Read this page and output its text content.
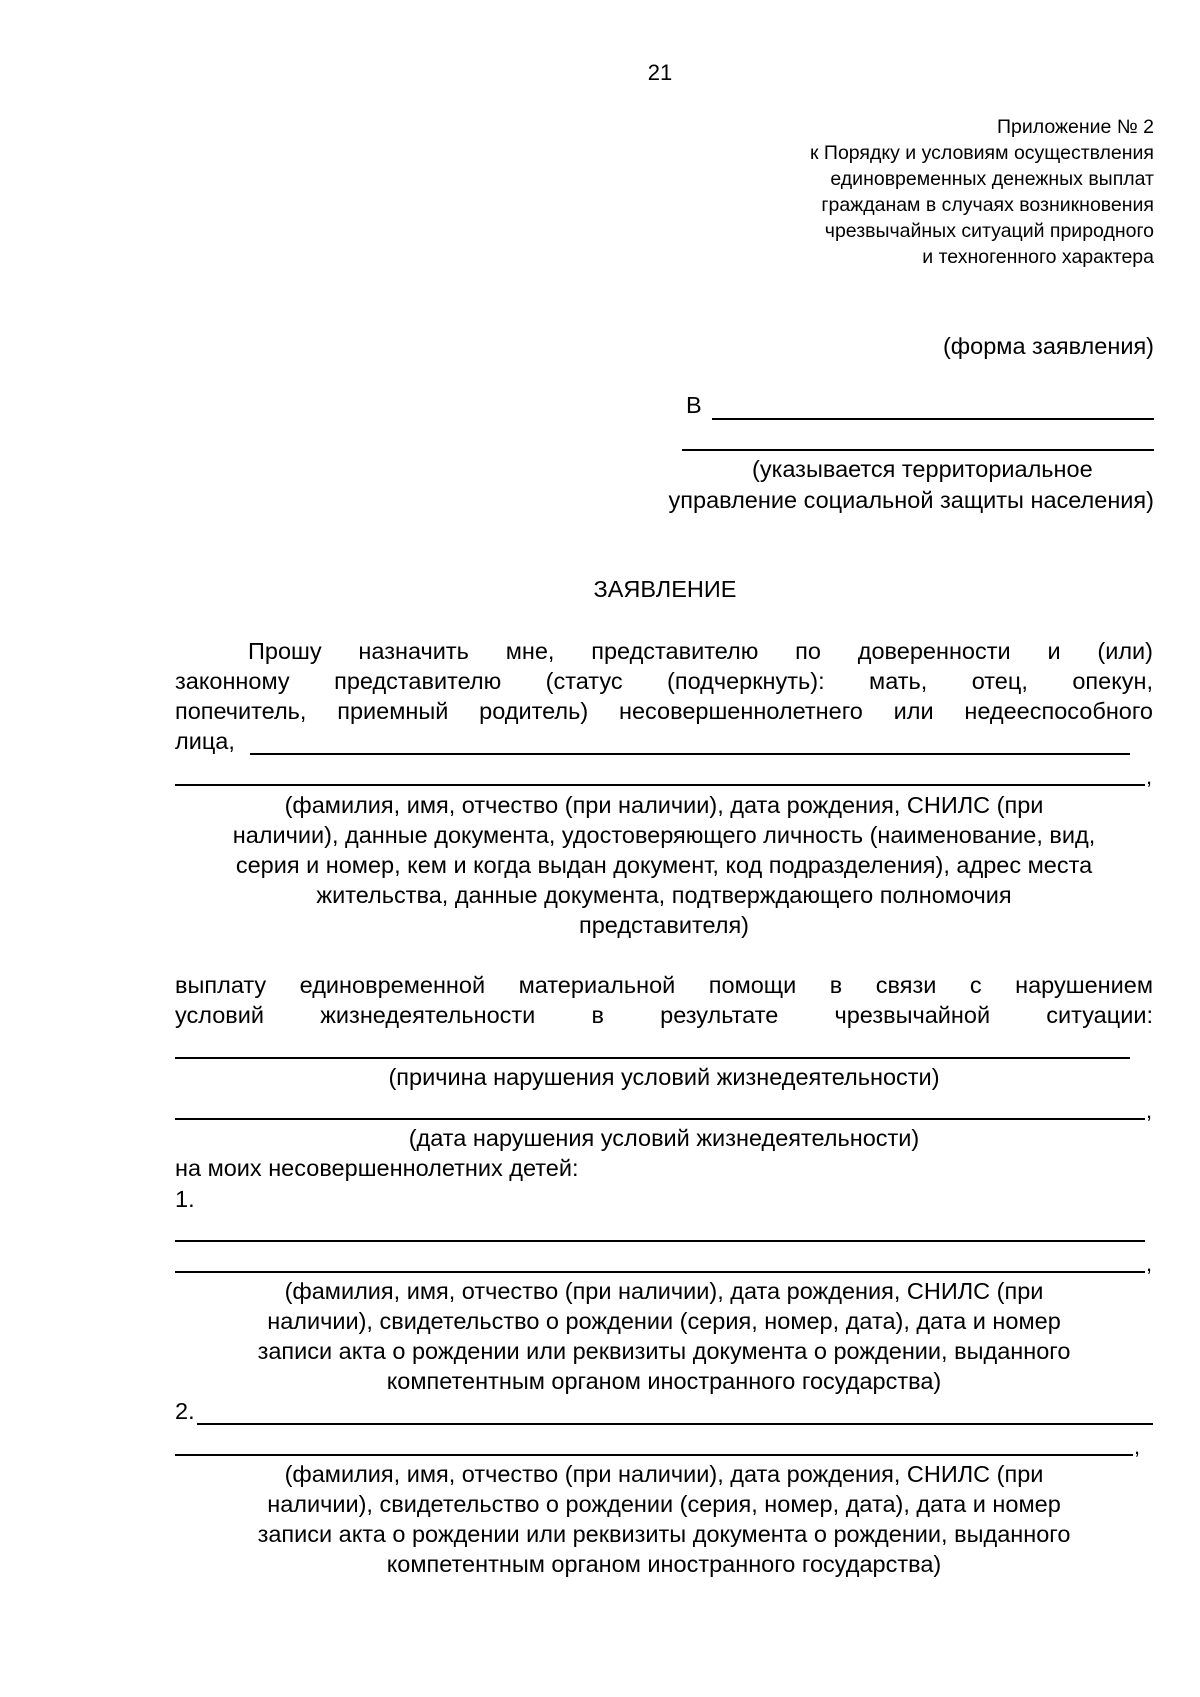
21
Приложение № 2
к Порядку и условиям осуществления
единовременных денежных выплат
гражданам в случаях возникновения
чрезвычайных ситуаций природного
и техногенного характера
(форма заявления)
В
(указывается территориальное
управление социальной защиты населения)
ЗАЯВЛЕНИЕ
Прошу назначить мне, представителю по доверенности и (или)
законному представителю (статус (подчеркнуть): мать, отец, опекун,
попечитель, приемный родитель) несовершеннолетнего или недееспособного
лица,
,
(фамилия, имя, отчество (при наличии), дата рождения, СНИЛС (при
наличии), данные документа, удостоверяющего личность (наименование, вид,
серия и номер, кем и когда выдан документ, код подразделения), адрес места
жительства, данные документа, подтверждающего полномочия
представителя)
выплату единовременной материальной помощи в связи с нарушением
условий жизнедеятельности в результате чрезвычайной ситуации:
(причина нарушения условий жизнедеятельности)
,
(дата нарушения условий жизнедеятельности)
на моих несовершеннолетних детей:
1.
,
(фамилия, имя, отчество (при наличии), дата рождения, СНИЛС (при
наличии), свидетельство о рождении (серия, номер, дата), дата и номер
записи акта о рождении или реквизиты документа о рождении, выданного
компетентным органом иностранного государства)
2.
,
(фамилия, имя, отчество (при наличии), дата рождения, СНИЛС (при
наличии), свидетельство о рождении (серия, номер, дата), дата и номер
записи акта о рождении или реквизиты документа о рождении, выданного
компетентным органом иностранного государства)
